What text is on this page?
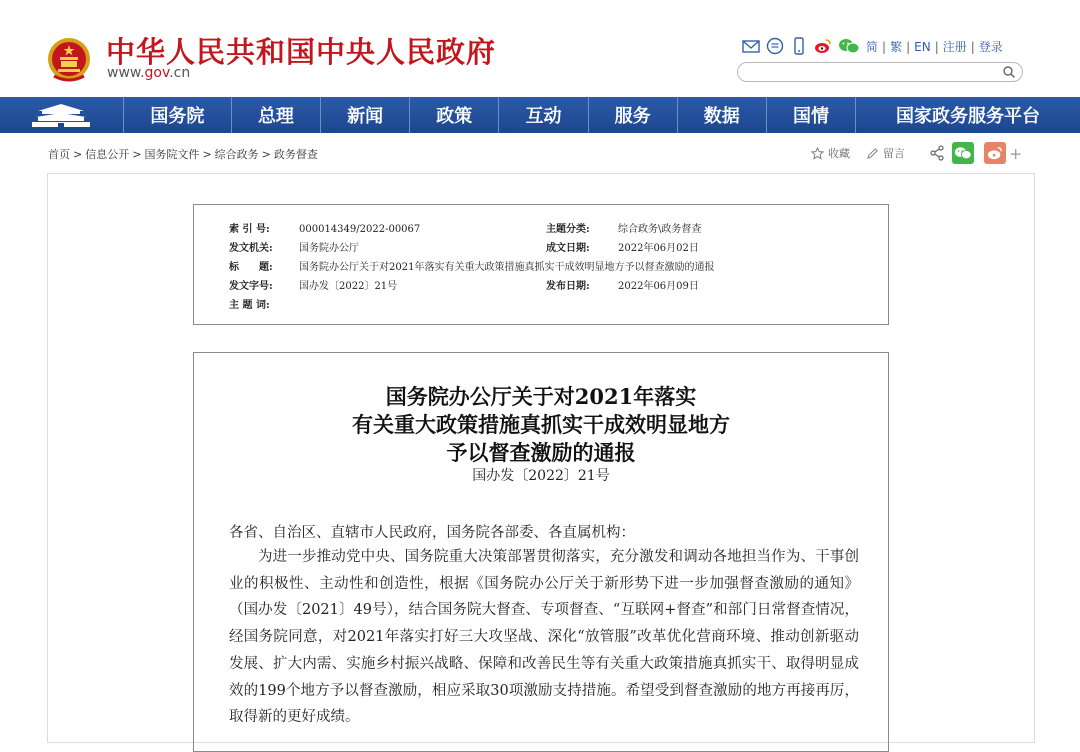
中华人民共和国中央人民政府
www.gov.cn
简 | 繁 | EN | 注册 | 登录
国务院	总理	新闻	政策	互动	服务	数据	国情	国家政务服务平台
首页 > 信息公开 > 国务院文件 > 综合政务 > 政务督查	收藏	留言	+
索 引 号:	000014349/2022-00067	主题分类:	综合政务\政务督查
发文机关:	国务院办公厅	成文日期:	2022年06月02日
标　　题:	国务院办公厅关于对2021年落实有关重大政策措施真抓实干成效明显地方予以督查激励的通报
发文字号:	国办发〔2022〕21号	发布日期:	2022年06月09日
主 题 词:
国务院办公厅关于对2021年落实
有关重大政策措施真抓实干成效明显地方
予以督查激励的通报
国办发〔2022〕21号
各省、自治区、直辖市人民政府，国务院各部委、各直属机构：

为进一步推动党中央、国务院重大决策部署贯彻落实，充分激发和调动各地担当作为、干事创业的积极性、主动性和创造性，根据《国务院办公厅关于新形势下进一步加强督查激励的通知》（国办发〔2021〕49号），结合国务院大督查、专项督查、“互联网+督查”和部门日常督查情况，经国务院同意，对2021年落实打好三大攻坚战、深化“放管服”改革优化营商环境、推动创新驱动发展、扩大内需、实施乡村振兴战略、保障和改善民生等有关重大政策措施真抓实干、取得明显成效的199个地方予以督查激励，相应采取30项激励支持措施。希望受到督查激励的地方再接再厉，取得新的更好成绩。
